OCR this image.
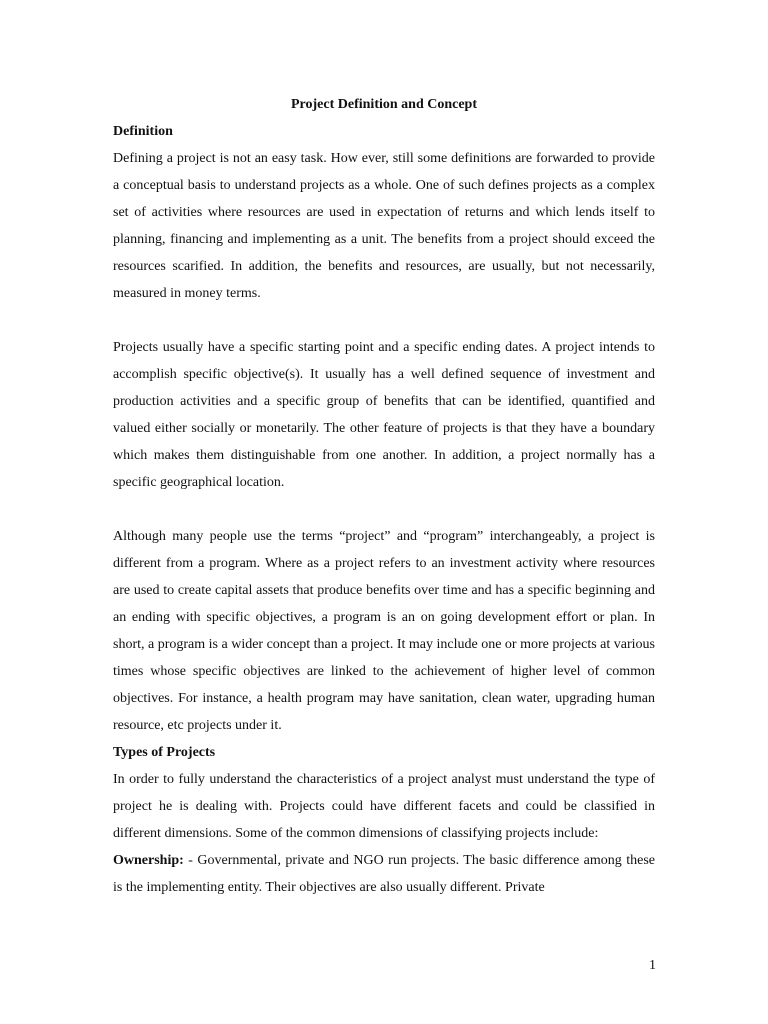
Project Definition and Concept

Definition

Defining a project is not an easy task. How ever, still some definitions are forwarded to provide a conceptual basis to understand projects as a whole. One of such defines projects as a complex set of activities where resources are used in expectation of returns and which lends itself to planning, financing and implementing as a unit. The benefits from a project should exceed the resources scarified. In addition, the benefits and resources, are usually, but not necessarily, measured in money terms.

Projects usually have a specific starting point and a specific ending dates. A project intends to accomplish specific objective(s). It usually has a well defined sequence of investment and production activities and a specific group of benefits that can be identified, quantified and valued either socially or monetarily. The other feature of projects is that they have a boundary which makes them distinguishable from one another. In addition, a project normally has a specific geographical location.

Although many people use the terms “project” and “program” interchangeably, a project is different from a program. Where as a project refers to an investment activity where resources are used to create capital assets that produce benefits over time and has a specific beginning and an ending with specific objectives, a program is an on going development effort or plan. In short, a program is a wider concept than a project. It may include one or more projects at various times whose specific objectives are linked to the achievement of higher level of common objectives. For instance, a health program may have sanitation, clean water, upgrading human resource, etc projects under it.

Types of Projects

In order to fully understand the characteristics of a project analyst must understand the type of project he is dealing with. Projects could have different facets and could be classified in different dimensions. Some of the common dimensions of classifying projects include:

Ownership: - Governmental, private and NGO run projects. The basic difference among these is the implementing entity. Their objectives are also usually different. Private

1
